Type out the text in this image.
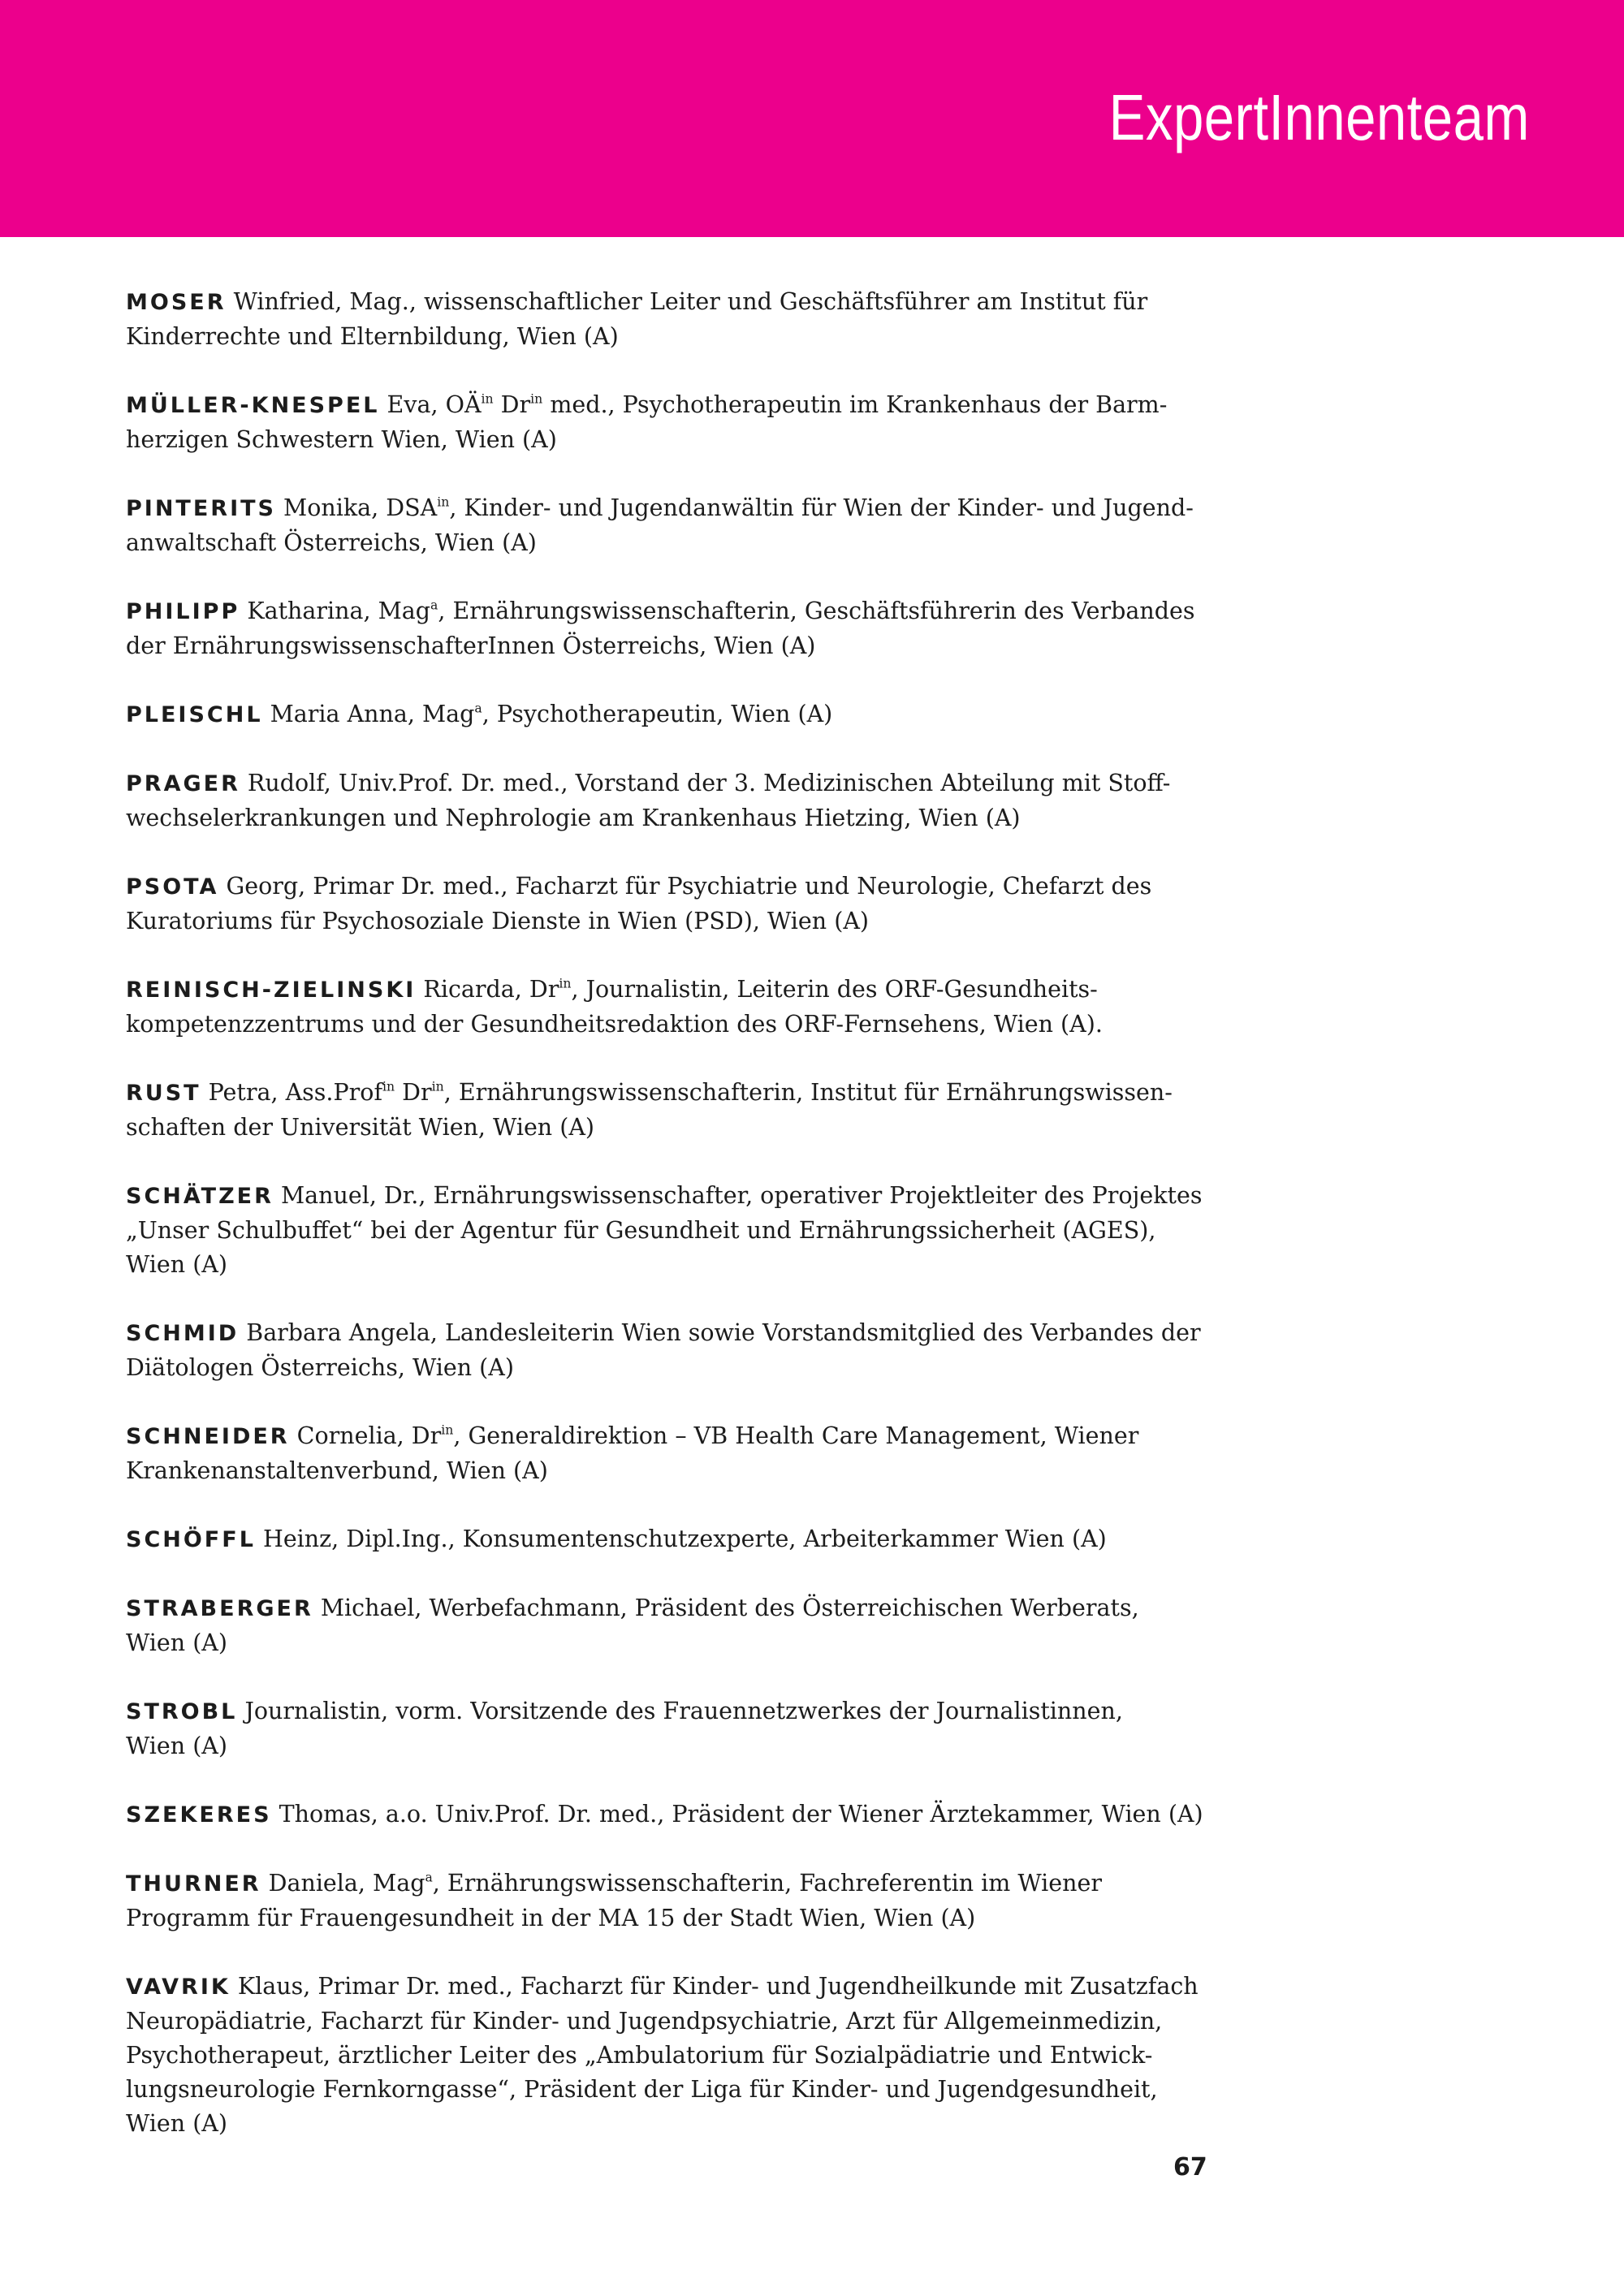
ExpertInnenteam

MOSER Winfried, Mag., wissenschaftlicher Leiter und Geschäftsführer am Institut für
Kinderrechte und Elternbildung, Wien (A)

MÜLLER-KNESPEL Eva, $OÄ^{in}$ $Dr^{in}$ med., Psychotherapeutin im Krankenhaus der Barm-
herzigen Schwestern Wien, Wien (A)

PINTERITS Monika, $DSA^{in}$, Kinder- und Jugendanwältin für Wien der Kinder- und Jugend-
anwaltschaft Österreichs, Wien (A)

PHILIPP Katharina, Mag$^a$, Ernährungswissenschafterin, Geschäftsführerin des Verbandes
der ErnährungswissenschafterInnen Österreichs, Wien (A)

PLEISCHL Maria Anna, Mag$^a$, Psychotherapeutin, Wien (A)

PRAGER Rudolf, Univ.Prof. Dr. med., Vorstand der 3. Medizinischen Abteilung mit Stoff-
wechselerkrankungen und Nephrologie am Krankenhaus Hietzing, Wien (A)

PSOTA Georg, Primar Dr. med., Facharzt für Psychiatrie und Neurologie, Chefarzt des
Kuratoriums für Psychosoziale Dienste in Wien (PSD), Wien (A)

REINISCH-ZIELINSKI Ricarda, $Dr^{in}$, Journalistin, Leiterin des ORF-Gesundheits-
kompetenzzentrums und der Gesundheitsredaktion des ORF-Fernsehens, Wien (A).

RUST Petra, Ass.Prof$^{in}$ $Dr^{in}$, Ernährungswissenschafterin, Institut für Ernährungswissen-
schaften der Universität Wien, Wien (A)

SCHÄTZER Manuel, Dr., Ernährungswissenschafter, operativer Projektleiter des Projektes
„Unser Schulbuffet“ bei der Agentur für Gesundheit und Ernährungssicherheit (AGES),
Wien (A)

SCHMID Barbara Angela, Landesleiterin Wien sowie Vorstandsmitglied des Verbandes der
Diätologen Österreichs, Wien (A)

SCHNEIDER Cornelia, $Dr^{in}$, Generaldirektion – VB Health Care Management, Wiener
Krankenanstaltenverbund, Wien (A)

SCHÖFFL Heinz, Dipl.Ing., Konsumentenschutzexperte, Arbeiterkammer Wien (A)

STRABERGER Michael, Werbefachmann, Präsident des Österreichischen Werberats,
Wien (A)

STROBL Journalistin, vorm. Vorsitzende des Frauennetzwerkes der Journalistinnen,
Wien (A)

SZEKERES Thomas, a.o. Univ.Prof. Dr. med., Präsident der Wiener Ärztekammer, Wien (A)

THURNER Daniela, Mag$^a$, Ernährungswissenschafterin, Fachreferentin im Wiener
Programm für Frauengesundheit in der MA 15 der Stadt Wien, Wien (A)

VAVRIK Klaus, Primar Dr. med., Facharzt für Kinder- und Jugendheilkunde mit Zusatzfach
Neuropädiatrie, Facharzt für Kinder- und Jugendpsychiatrie, Arzt für Allgemeinmedizin,
Psychotherapeut, ärztlicher Leiter des „Ambulatorium für Sozialpädiatrie und Entwick-
lungsneurologie Fernkorngasse“, Präsident der Liga für Kinder- und Jugendgesundheit,
Wien (A)

67
